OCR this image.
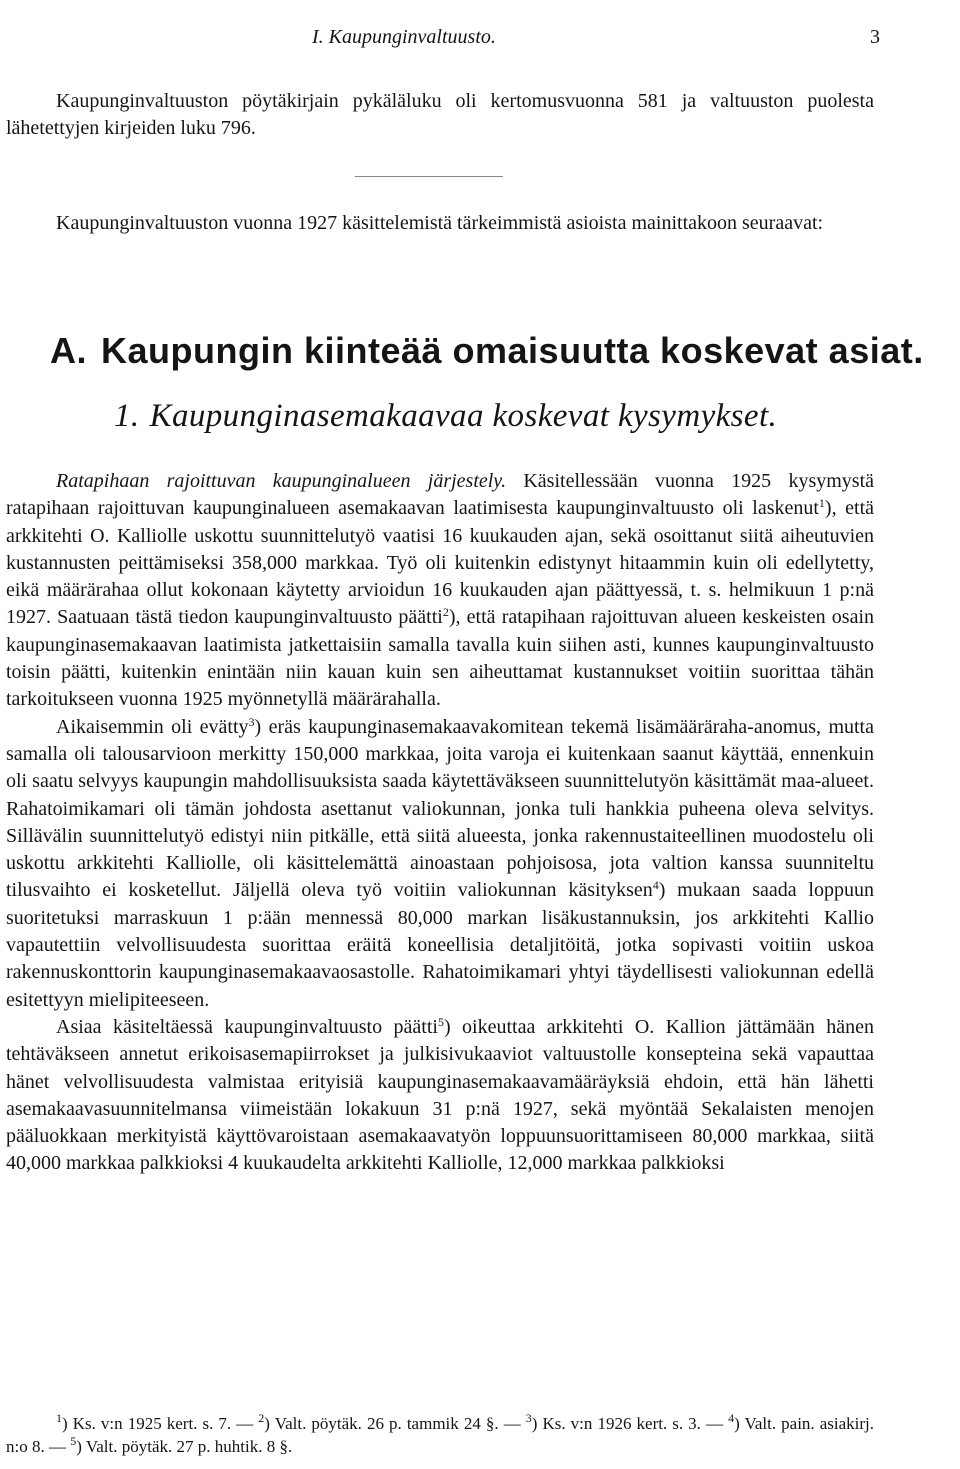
I. Kaupunginvaltuusto.	3
Kaupunginvaltuuston pöytäkirjain pykäläluku oli kertomusvuonna 581 ja valtuuston puolesta lähetettyjen kirjeiden luku 796.
Kaupunginvaltuuston vuonna 1927 käsittelemistä tärkeimmistä asioista mainittakoon seuraavat:
A. Kaupungin kiinteää omaisuutta koskevat asiat.
1. Kaupunginasemakaavaa koskevat kysymykset.
Ratapihaan rajoittuvan kaupunginalueen järjestely. Käsitellessään vuonna 1925 kysymystä ratapihaan rajoittuvan kaupunginalueen asemakaavan laatimisesta kaupunginvaltuusto oli laskenut$^1$), että arkkitehti O. Kalliolle uskottu suunnittelutyö vaatisi 16 kuukauden ajan, sekä osoittanut siitä aiheutuvien kustannusten peittämiseksi 358,000 markkaa. Työ oli kuitenkin edistynyt hitaammin kuin oli edellytetty, eikä määrärahaa ollut kokonaan käytetty arvioidun 16 kuukauden ajan päättyessä, t. s. helmikuun 1 p:nä 1927. Saatuaan tästä tiedon kaupunginvaltuusto päätti$^2$), että ratapihaan rajoittuvan alueen keskeisten osain kaupunginasemakaavan laatimista jatkettaisiin samalla tavalla kuin siihen asti, kunnes kaupunginvaltuusto toisin päätti, kuitenkin enintään niin kauan kuin sen aiheuttamat kustannukset voitiin suorittaa tähän tarkoitukseen vuonna 1925 myönnetyllä määrärahalla.
Aikaisemmin oli evätty$^3$) eräs kaupunginasemakaavakomitean tekemä lisämääräraha-anomus, mutta samalla oli talousarvioon merkitty 150,000 markkaa, joita varoja ei kuitenkaan saanut käyttää, ennenkuin oli saatu selvyys kaupungin mahdollisuuksista saada käytettäväkseen suunnittelutyön käsittämät maa-alueet. Rahatoimikamari oli tämän johdosta asettanut valiokunnan, jonka tuli hankkia puheena oleva selvitys. Sillävälin suunnittelutyö edistyi niin pitkälle, että siitä alueesta, jonka rakennustaiteellinen muodostelu oli uskottu arkkitehti Kalliolle, oli käsittelemättä ainoastaan pohjoisosa, jota valtion kanssa suunniteltu tilusvaihto ei kosketellut. Jäljellä oleva työ voitiin valiokunnan käsityksen$^4$) mukaan saada loppuun suoritetuksi marraskuun 1 p:ään mennessä 80,000 markan lisäkustannuksin, jos arkkitehti Kallio vapautettiin velvollisuudesta suorittaa eräitä koneellisia detaljitöitä, jotka sopivasti voitiin uskoa rakennuskonttorin kaupunginasemakaavaosastolle. Rahatoimikamari yhtyi täydellisesti valiokunnan edellä esitettyyn mielipiteeseen.
Asiaa käsiteltäessä kaupunginvaltuusto päätti$^5$) oikeuttaa arkkitehti O. Kallion jättämään hänen tehtäväkseen annetut erikoisasemapiirrokset ja julkisivukaaviot valtuustolle konsepteina sekä vapauttaa hänet velvollisuudesta valmistaa erityisiä kaupunginasemakaavamääräyksiä ehdoin, että hän lähetti asemakaavasuunnitelmansa viimeistään lokakuun 31 p:nä 1927, sekä myöntää Sekalaisten menojen pääluokkaan merkityistä käyttövaroistaan asemakaavatyön loppuunsuorittamiseen 80,000 markkaa, siitä 40,000 markkaa palkkioksi 4 kuukaudelta arkkitehti Kalliolle, 12,000 markkaa palkkioksi
$^1$) Ks. v:n 1925 kert. s. 7. — $^2$) Valt. pöytäk. 26 p. tammik 24 §. — $^3$) Ks. v:n 1926 kert. s. 3. — $^4$) Valt. pain. asiakirj. n:o 8. — $^5$) Valt. pöytäk. 27 p. huhtik. 8 §.
